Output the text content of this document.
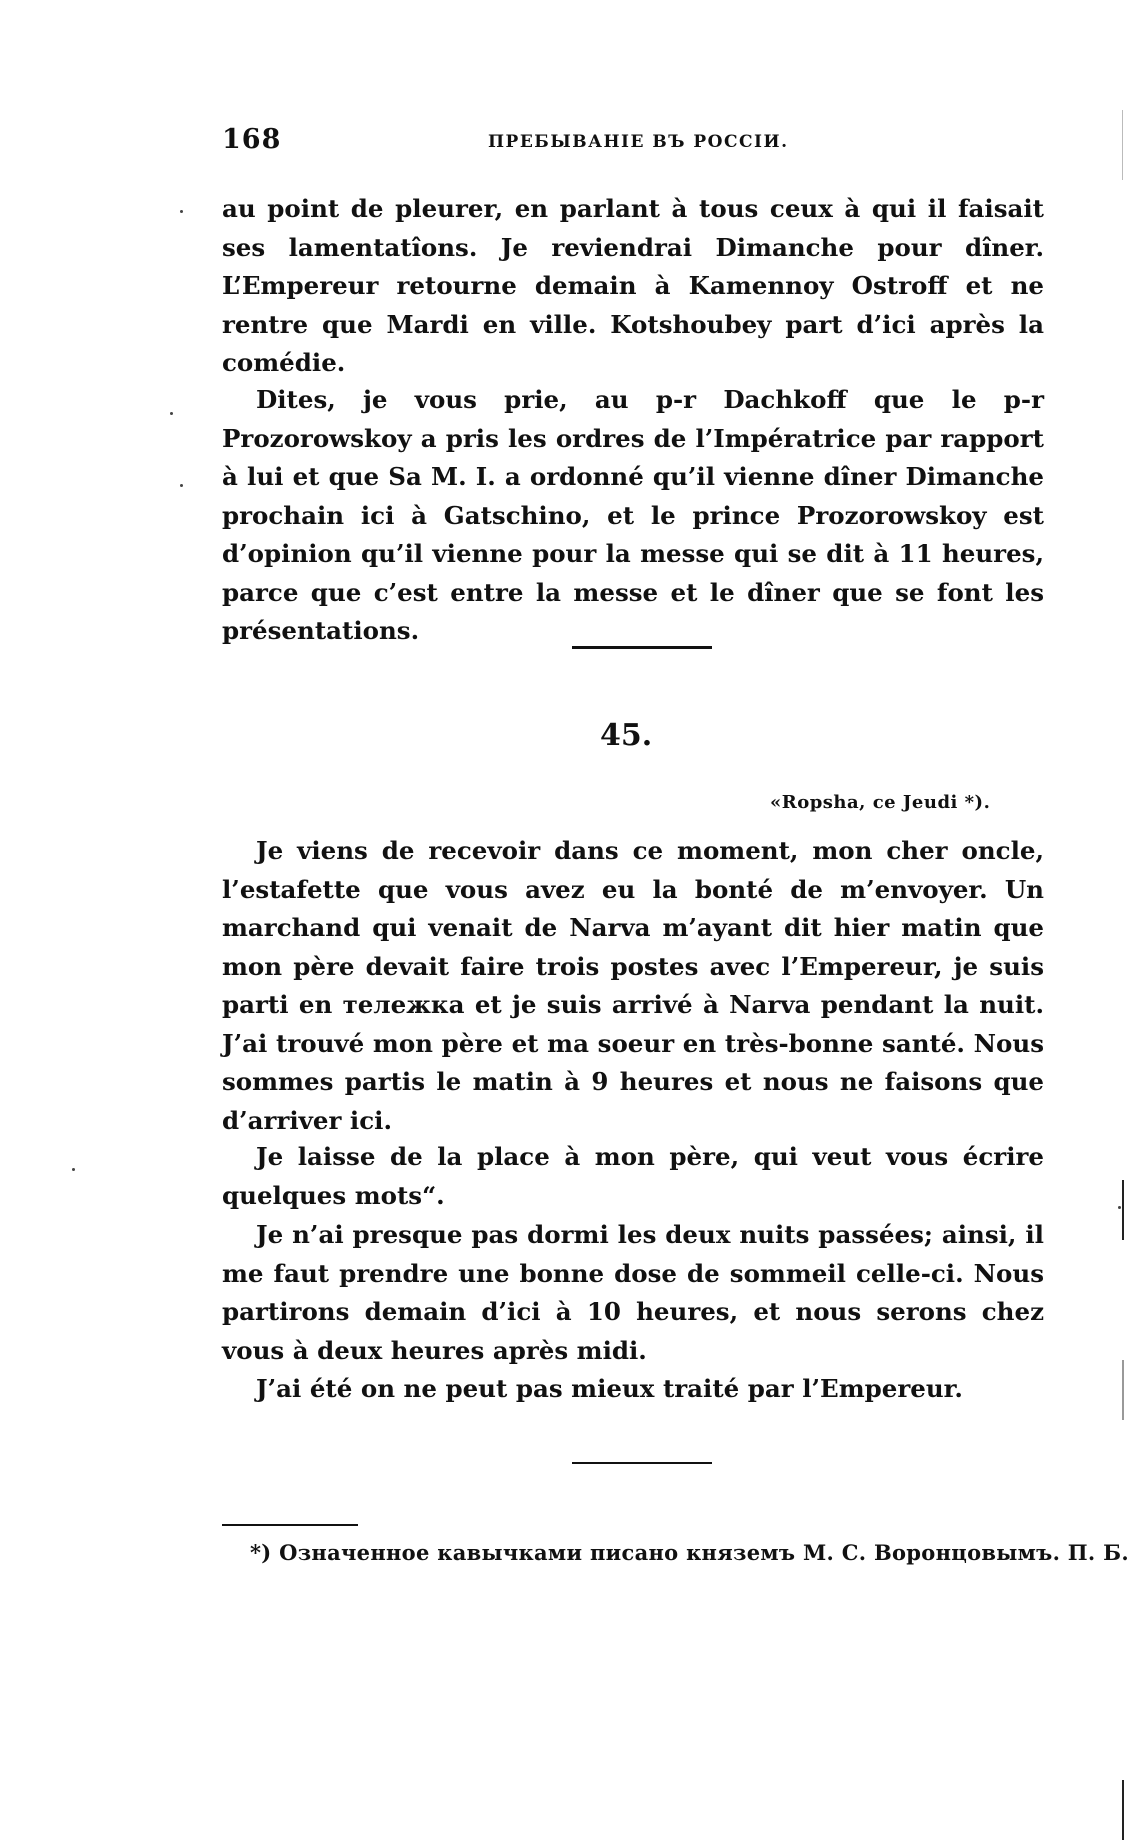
168	ПРЕБЫВАНІЕ ВЪ РОССІИ.

au point de pleurer, en parlant à tous ceux à qui il faisait ses lamentatîons. Je reviendrai Dimanche pour dîner. L’Empereur retourne demain à Kamennoy Ostroff et ne rentre que Mardi en ville. Kotshoubey part d’ici après la comédie.

Dites, je vous prie, au p-r Dachkoff que le p-r Prozorowskoy a pris les ordres de l’Impératrice par rapport à lui et que Sa M. I. a ordonné qu’il vienne dîner Dimanche prochain ici à Gatschino, et le prince Prozorowskoy est d’opinion qu’il vienne pour la messe qui se dit à 11 heures, parce que c’est entre la messe et le dîner que se font les présentations.

45.
«Ropsha, ce Jeudi *).

Je viens de recevoir dans ce moment, mon cher oncle, l’estafette que vous avez eu la bonté de m’envoyer. Un marchand qui venait de Narva m’ayant dit hier matin que mon père devait faire trois postes avec l’Empereur, je suis parti en тележка et je suis arrivé à Narva pendant la nuit. J’ai trouvé mon père et ma soeur en très-bonne santé. Nous sommes partis le matin à 9 heures et nous ne faisons que d’arriver ici.

Je laisse de la place à mon père, qui veut vous écrire quelques mots“.

Je n’ai presque pas dormi les deux nuits passées; ainsi, il me faut prendre une bonne dose de sommeil celle-ci. Nous partirons demain d’ici à 10 heures, et nous serons chez vous à deux heures après midi.

J’ai été on ne peut pas mieux traité par l’Empereur.

*) Означенное кавычками писано княземъ М. С. Воронцовымъ. П. Б.
